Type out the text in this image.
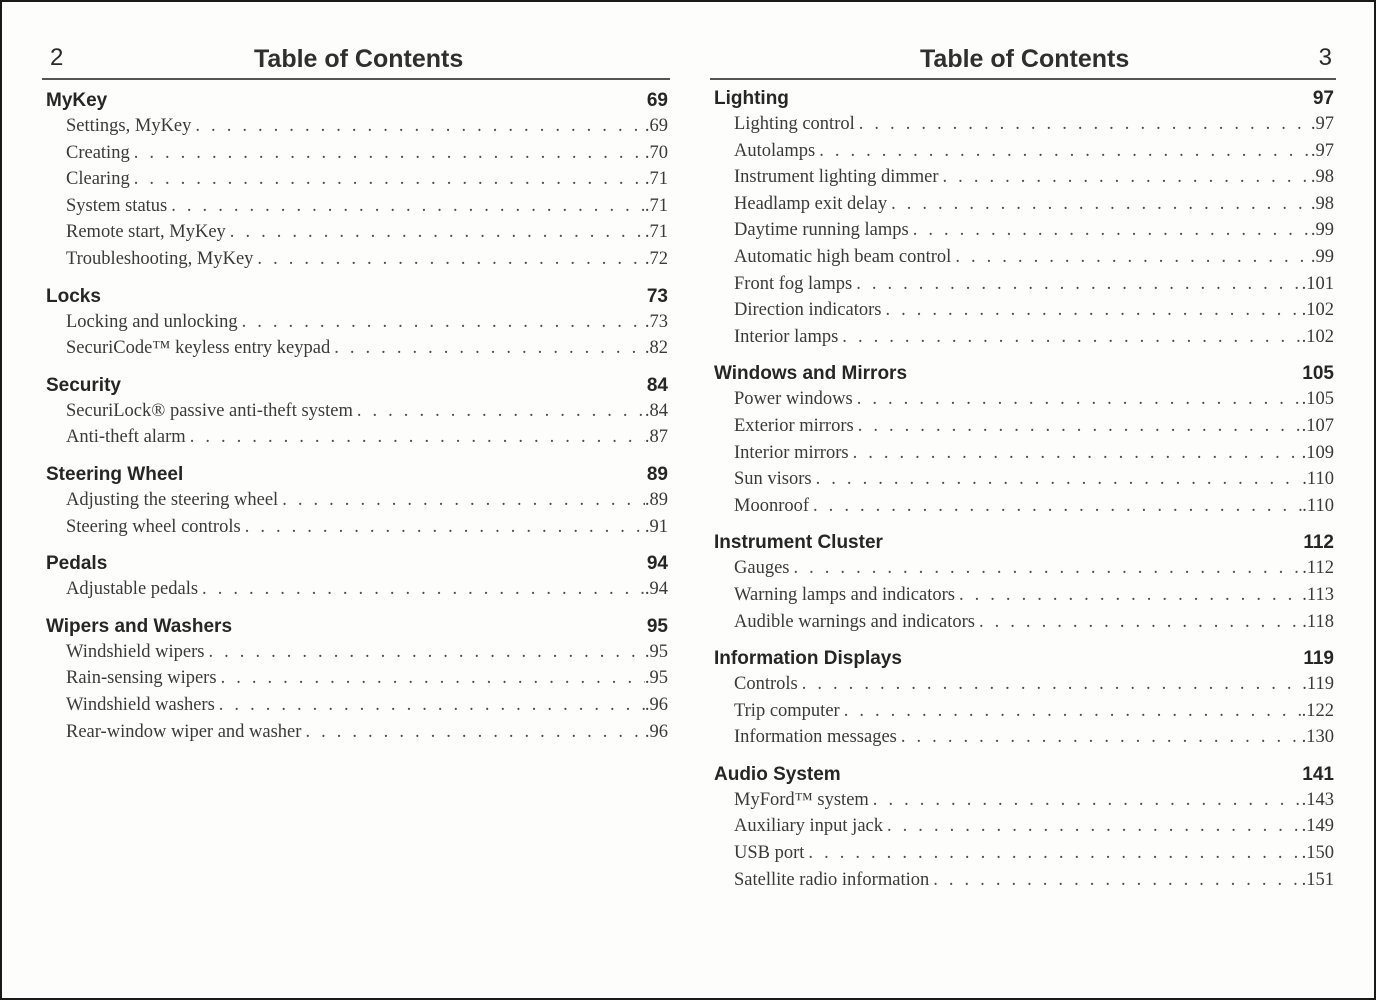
2	Table of Contents
MyKey	69
Settings, MyKey . . .	.69
Creating . . .	.70
Clearing . . .	.71
System status . . .	.71
Remote start, MyKey . . .	.71
Troubleshooting, MyKey . . .	.72
Locks	73
Locking and unlocking . . .	.73
SecuriCode™ keyless entry keypad . . .	.82
Security	84
SecuriLock® passive anti-theft system . . .	.84
Anti-theft alarm . . .	.87
Steering Wheel	89
Adjusting the steering wheel . . .	.89
Steering wheel controls . . .	.91
Pedals	94
Adjustable pedals . . .	.94
Wipers and Washers	95
Windshield wipers . . .	.95
Rain-sensing wipers . . .	.95
Windshield washers . . .	.96
Rear-window wiper and washer . . .	.96
Table of Contents	3
Lighting	97
Lighting control . . .	.97
Autolamps . . .	.97
Instrument lighting dimmer . . .	.98
Headlamp exit delay . . .	.98
Daytime running lamps . . .	.99
Automatic high beam control . . .	.99
Front fog lamps . . .	.101
Direction indicators . . .	.102
Interior lamps . . .	.102
Windows and Mirrors	105
Power windows . . .	.105
Exterior mirrors . . .	.107
Interior mirrors . . .	.109
Sun visors . . .	.110
Moonroof . . .	.110
Instrument Cluster	112
Gauges . . .	.112
Warning lamps and indicators . . .	.113
Audible warnings and indicators . . .	.118
Information Displays	119
Controls . . .	.119
Trip computer . . .	.122
Information messages . . .	.130
Audio System	141
MyFord™ system . . .	.143
Auxiliary input jack . . .	.149
USB port . . .	.150
Satellite radio information . . .	.151
